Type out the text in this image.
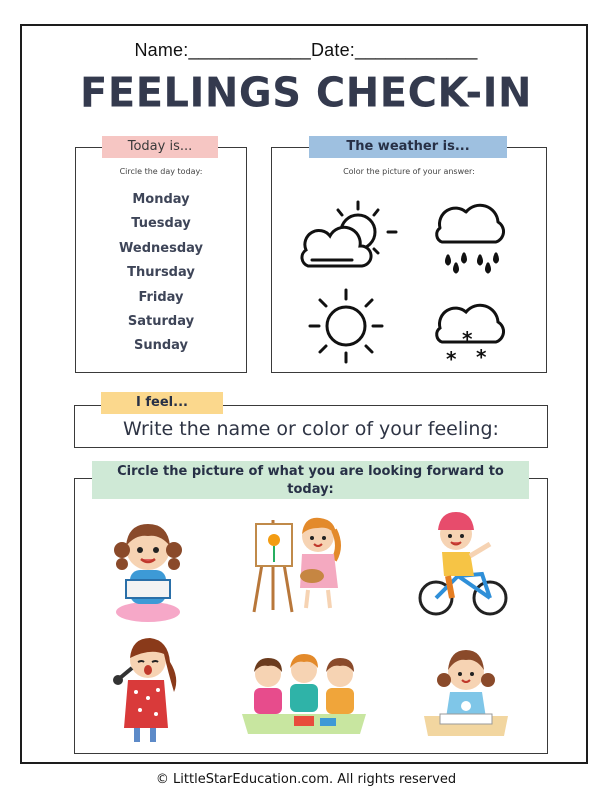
Name:____________Date:____________
FEELINGS CHECK-IN
Today is...
Circle the day today:
Monday
Tuesday
Wednesday
Thursday
Friday
Saturday
Sunday
The weather is...
Color the picture of your answer:
*
* *
I feel...
Write the name or color of your feeling:
Circle the picture of what you are looking forward to today:
© LittleStarEducation.com. All rights reserved
